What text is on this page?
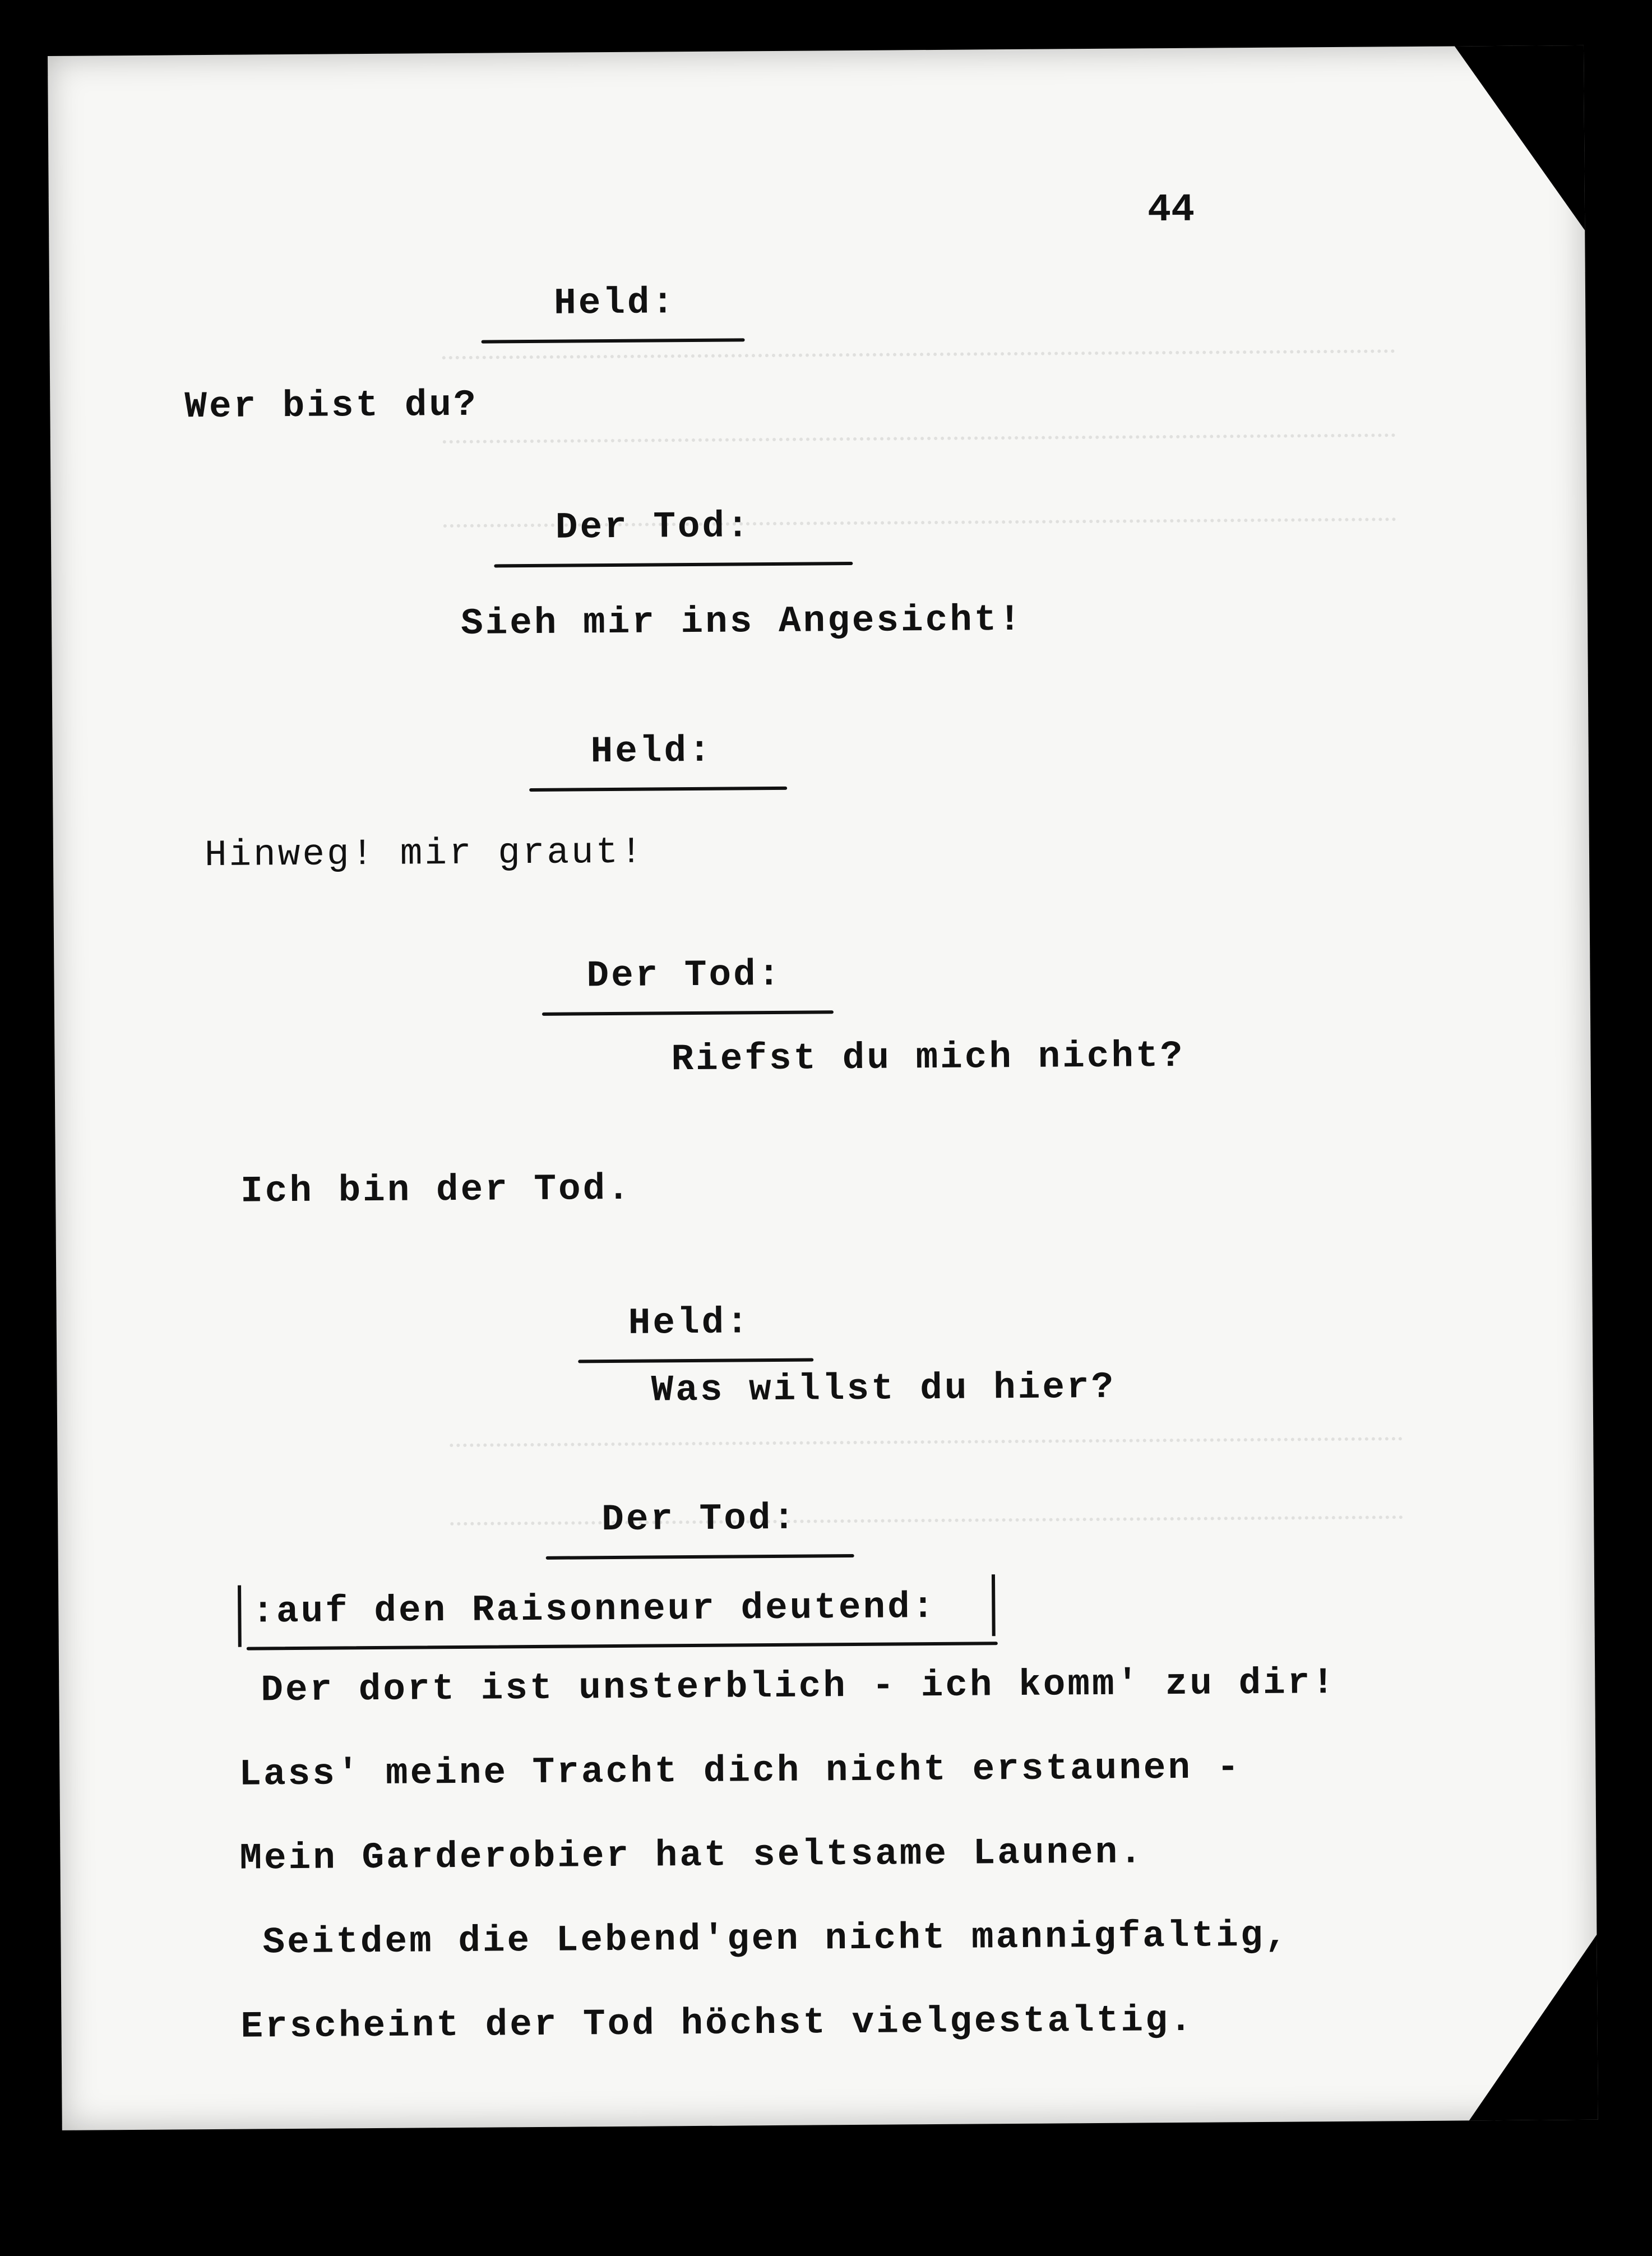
44
Held:
Wer bist du?
Der Tod:
Sieh mir ins Angesicht!
Held:
Hinweg! mir graut!
Der Tod:
Riefst du mich nicht?
Ich bin der Tod.
Held:
Was willst du hier?
Der Tod:
:auf den Raisonneur deutend:
Der dort ist unsterblich - ich komm' zu dir!
Lass' meine Tracht dich nicht erstaunen -
Mein Garderobier hat seltsame Launen.
Seitdem die Lebend'gen nicht mannigfaltig,
Erscheint der Tod höchst vielgestaltig.
